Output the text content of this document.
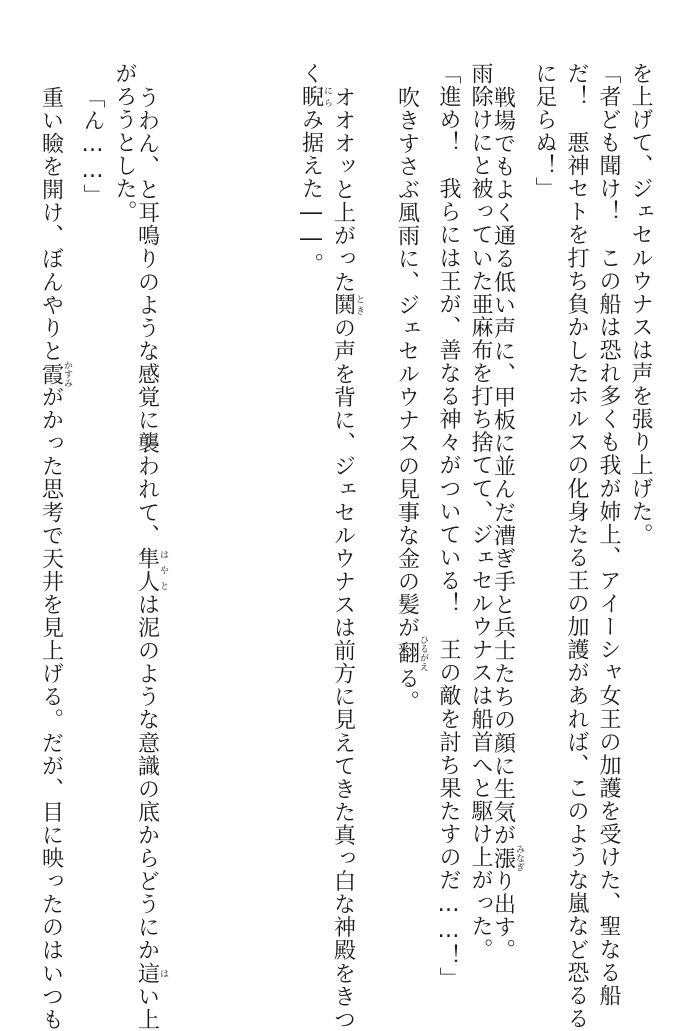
を上げて、ジェセルウナスは声を張り上げた。
「者ども聞け！　この船は恐れ多くも我が姉上、アイーシャ女王の加護を受けた、聖なる船
だ！　悪神セトを打ち負かしたホルスの化身たる王の加護があれば、このような嵐など恐るる
に足らぬ！」
戦場でもよく通る低い声に、甲板に並んだ漕ぎ手と兵士たちの顔に生気が漲みなぎり出す。
雨除けにと被っていた亜麻布を打ち捨てて、ジェセルウナスは船首へと駆け上がった。
「進め！　我らには王が、善なる神々がついている！　王の敵を討ち果たすのだ……！」
吹きすさぶ風雨に、ジェセルウナスの見事な金の髪が翻ひるがえる。
オオオッと上がった鬨ときの声を背に、ジェセルウナスは前方に見えてきた真っ白な神殿をきつ
く睨にらみ据えた――。
うわん、と耳鳴りのような感覚に襲われて、隼人はやとは泥のような意識の底からどうにか這はい上
がろうとした。
「ん……」
重い瞼を開け、ぼんやりと霞かすみがかった思考で天井を見上げる。だが、目に映ったのはいつも
